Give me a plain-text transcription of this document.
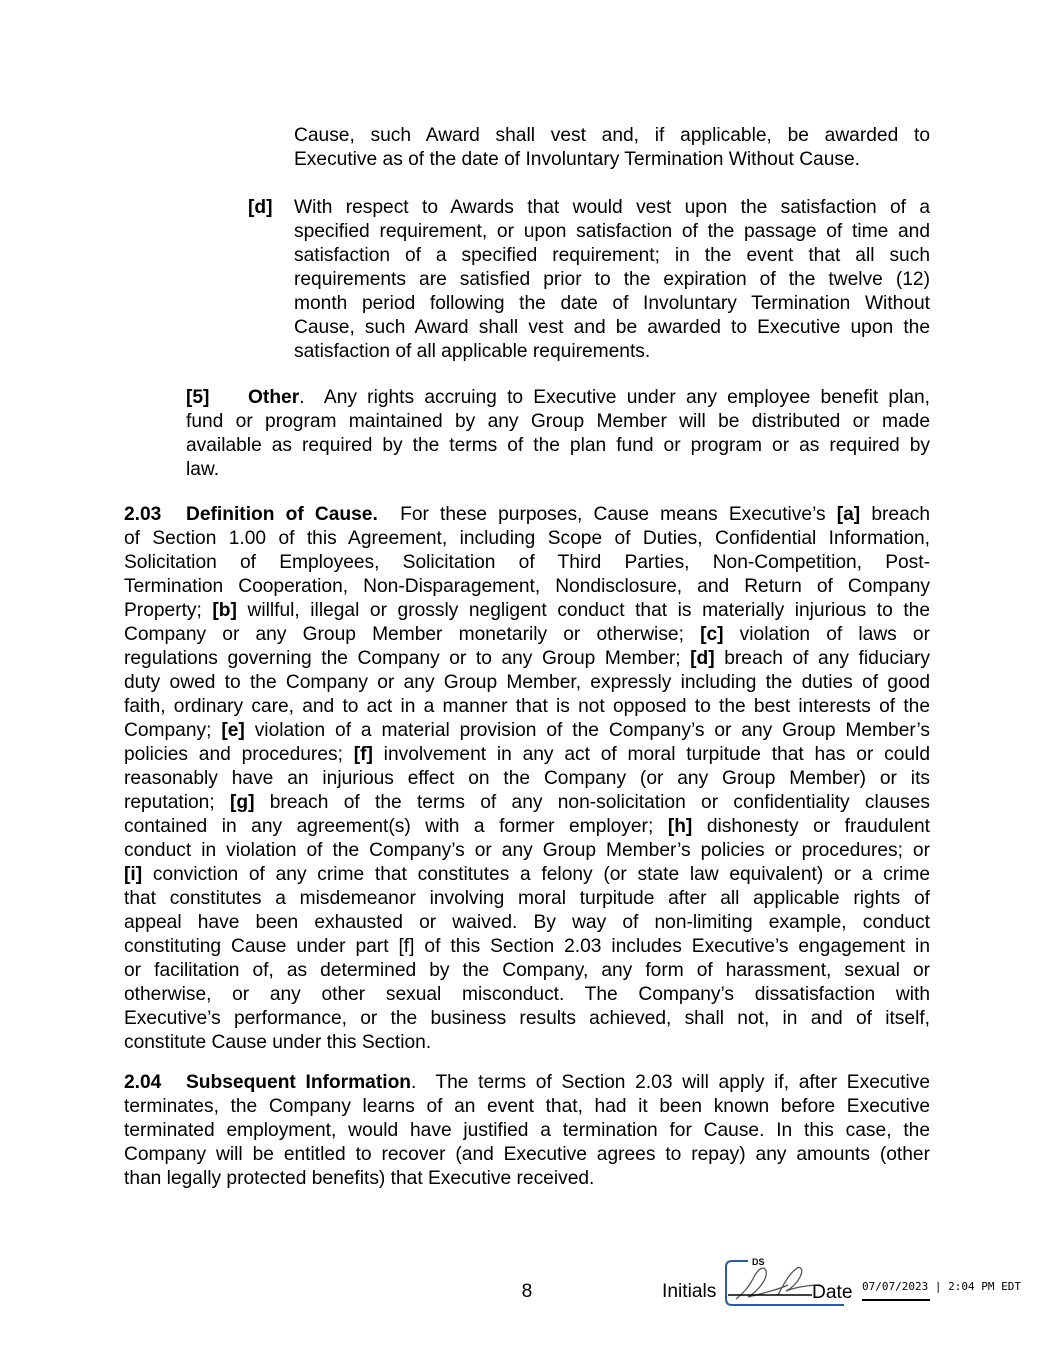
Cause, such Award shall vest and, if applicable, be awarded to
Executive as of the date of Involuntary Termination Without Cause.
[d] With respect to Awards that would vest upon the satisfaction of a
specified requirement, or upon satisfaction of the passage of time and
satisfaction of a specified requirement; in the event that all such
requirements are satisfied prior to the expiration of the twelve (12)
month period following the date of Involuntary Termination Without
Cause, such Award shall vest and be awarded to Executive upon the
satisfaction of all applicable requirements.
[5] Other.  Any rights accruing to Executive under any employee benefit plan,
fund or program maintained by any Group Member will be distributed or made
available as required by the terms of the plan fund or program or as required by
law.
2.03 Definition of Cause.  For these purposes, Cause means Executive’s [a] breach
of Section 1.00 of this Agreement, including Scope of Duties, Confidential Information,
Solicitation of Employees, Solicitation of Third Parties, Non-Competition, Post-
Termination Cooperation, Non-Disparagement, Nondisclosure, and Return of Company
Property; [b] willful, illegal or grossly negligent conduct that is materially injurious to the
Company or any Group Member monetarily or otherwise; [c] violation of laws or
regulations governing the Company or to any Group Member; [d] breach of any fiduciary
duty owed to the Company or any Group Member, expressly including the duties of good
faith, ordinary care, and to act in a manner that is not opposed to the best interests of the
Company; [e] violation of a material provision of the Company’s or any Group Member’s
policies and procedures; [f] involvement in any act of moral turpitude that has or could
reasonably have an injurious effect on the Company (or any Group Member) or its
reputation; [g] breach of the terms of any non-solicitation or confidentiality clauses
contained in any agreement(s) with a former employer; [h] dishonesty or fraudulent
conduct in violation of the Company’s or any Group Member’s policies or procedures; or
[i] conviction of any crime that constitutes a felony (or state law equivalent) or a crime
that constitutes a misdemeanor involving moral turpitude after all applicable rights of
appeal have been exhausted or waived. By way of non-limiting example, conduct
constituting Cause under part [f] of this Section 2.03 includes Executive’s engagement in
or facilitation of, as determined by the Company, any form of harassment, sexual or
otherwise, or any other sexual misconduct. The Company’s dissatisfaction with
Executive’s performance, or the business results achieved, shall not, in and of itself,
constitute Cause under this Section.
2.04 Subsequent Information.  The terms of Section 2.03 will apply if, after Executive
terminates, the Company learns of an event that, had it been known before Executive
terminated employment, would have justified a termination for Cause. In this case, the
Company will be entitled to recover (and Executive agrees to repay) any amounts (other
than legally protected benefits) that Executive received.
8	Initials
DS
Date 07/07/2023 | 2:04 PM EDT
